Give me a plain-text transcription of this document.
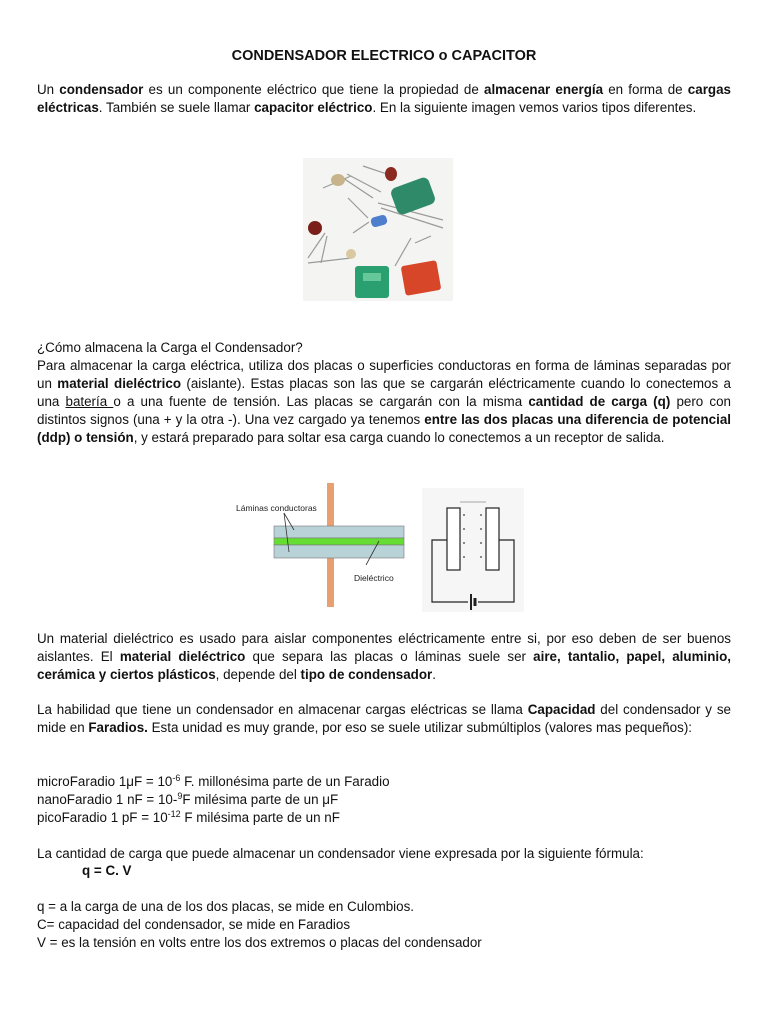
CONDENSADOR ELECTRICO o CAPACITOR

Un condensador es un componente eléctrico que tiene la propiedad de almacenar energía en forma de cargas eléctricas. También se suele llamar capacitor eléctrico. En la siguiente imagen vemos varios tipos diferentes.

¿Cómo almacena la Carga el Condensador?
Para almacenar la carga eléctrica, utiliza dos placas o superficies conductoras en forma de láminas separadas por un material dieléctrico (aislante). Estas placas son las que se cargarán eléctricamente cuando lo conectemos a una batería o a una fuente de tensión. Las placas se cargarán con la misma cantidad de carga (q) pero con distintos signos (una + y la otra -). Una vez cargado ya tenemos entre las dos placas una diferencia de potencial (ddp) o tensión, y estará preparado para soltar esa carga cuando lo conectemos a un receptor de salida.
Láminas conductoras
Dieléctrico

Un material dieléctrico es usado para aislar componentes eléctricamente entre si, por eso deben de ser buenos aislantes. El material dieléctrico que separa las placas o láminas suele ser aire, tantalio, papel, aluminio, cerámica y ciertos plásticos, depende del tipo de condensador.

La habilidad que tiene un condensador en almacenar cargas eléctricas se llama Capacidad del condensador y se mide en Faradios. Esta unidad es muy grande, por eso se suele utilizar submúltiplos (valores mas pequeños):

microFaradio $1\mu F = 10^{-6}$ F. millonésima parte de un Faradio
nanoFaradio 1 nF = 10-$^9$F milésima parte de un μF
picoFaradio 1 pF = $10^{-12}$ F milésima parte de un nF
La cantidad de carga que puede almacenar un condensador viene expresada por la siguiente fórmula:
q = C. V
q = a la carga de una de los dos placas, se mide en Culombios.
C= capacidad del condensador, se mide en Faradios
V = es la tensión en volts entre los dos extremos o placas del condensador
